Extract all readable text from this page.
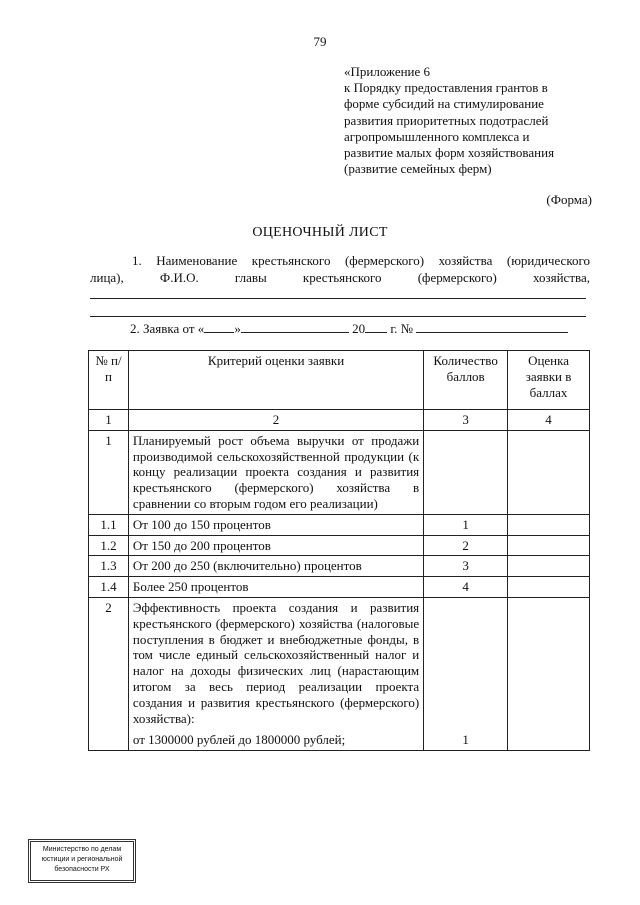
79
«Приложение 6
к Порядку предоставления грантов в
форме субсидий на стимулирование
развития приоритетных подотраслей
агропромышленного комплекса и
развитие малых форм хозяйствования
(развитие семейных ферм)
(Форма)
ОЦЕНОЧНЫЙ ЛИСТ
1. Наименование крестьянского (фермерского) хозяйства (юридического
лица), Ф.И.О. главы крестьянского (фермерского) хозяйства,
2. Заявка от « »	20 г. №
№ п/п	Критерий оценки заявки	Количество баллов	Оценка заявки в баллах
1	2	3	4
1	Планируемый рост объема выручки от продажи производимой сельскохозяйственной продукции (к концу реализации проекта создания и развития крестьянского (фермерского) хозяйства в сравнении со вторым годом его реализации)		
1.1	От 100 до 150 процентов	1	
1.2	От 150 до 200 процентов	2	
1.3	От 200 до 250 (включительно) процентов	3	
1.4	Более 250 процентов	4	
2	Эффективность проекта создания и развития крестьянского (фермерского) хозяйства (налоговые поступления в бюджет и внебюджетные фонды, в том числе единый сельскохозяйственный налог и налог на доходы физических лиц (нарастающим итогом за весь период реализации проекта создания и развития крестьянского (фермерского) хозяйства):
от 1300000 рублей до 1800000 рублей;	1	
Министерство по делам
юстиции и региональной
безопасности РХ
